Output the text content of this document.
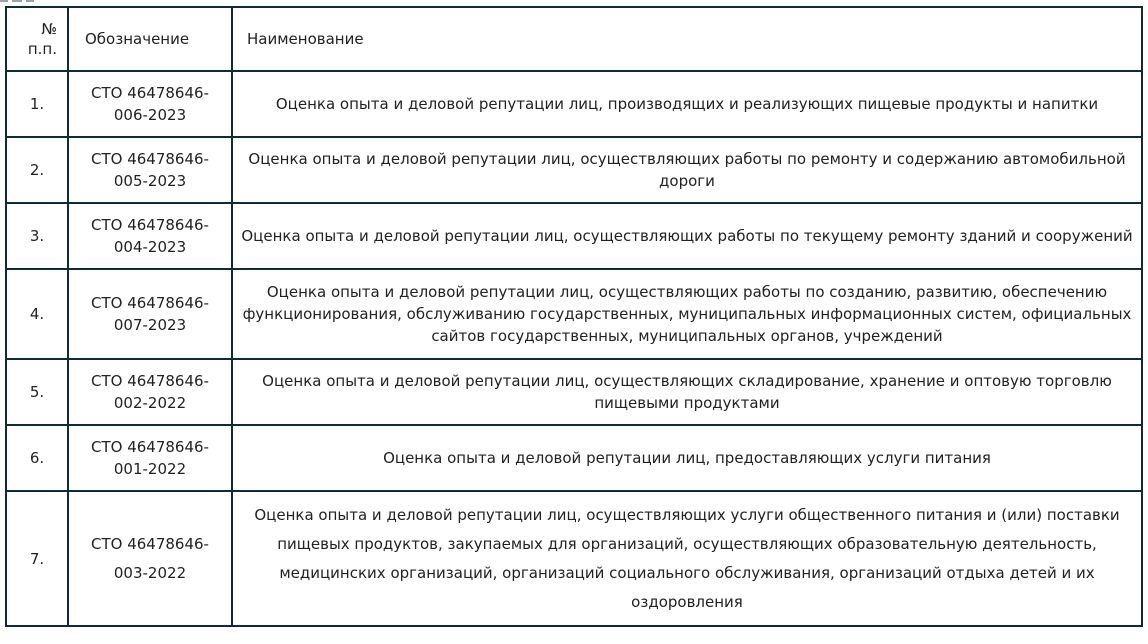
№ п.п.	Обозначение	Наименование
1.	СТО 46478646-006-2023	Оценка опыта и деловой репутации лиц, производящих и реализующих пищевые продукты и напитки
2.	СТО 46478646-005-2023	Оценка опыта и деловой репутации лиц, осуществляющих работы по ремонту и содержанию автомобильной дороги
3.	СТО 46478646-004-2023	Оценка опыта и деловой репутации лиц, осуществляющих работы по текущему ремонту зданий и сооружений
4.	СТО 46478646-007-2023	Оценка опыта и деловой репутации лиц, осуществляющих работы по созданию, развитию, обеспечению функционирования, обслуживанию государственных, муниципальных информационных систем, официальных сайтов государственных, муниципальных органов, учреждений
5.	СТО 46478646-002-2022	Оценка опыта и деловой репутации лиц, осуществляющих складирование, хранение и оптовую торговлю пищевыми продуктами
6.	СТО 46478646-001-2022	Оценка опыта и деловой репутации лиц, предоставляющих услуги питания
7.	СТО 46478646-003-2022	Оценка опыта и деловой репутации лиц, осуществляющих услуги общественного питания и (или) поставки пищевых продуктов, закупаемых для организаций, осуществляющих образовательную деятельность, медицинских организаций, организаций социального обслуживания, организаций отдыха детей и их оздоровления
